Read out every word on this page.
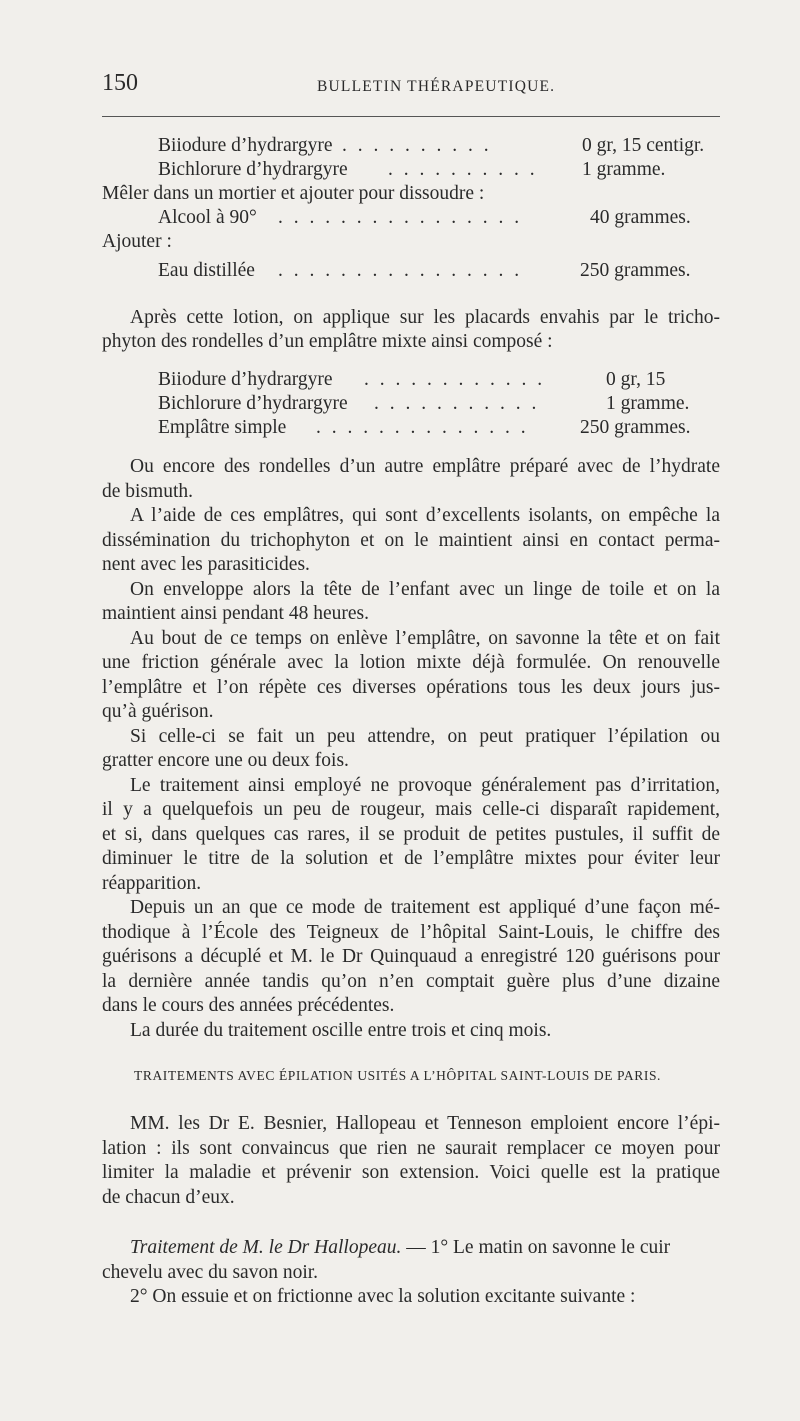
150	BULLETIN THÉRAPEUTIQUE.
Biiodure d’hydrargyre . . . . . . . . . .	0 gr, 15 centigr.
Bichlorure d’hydrargyre . . . . . . . . . . 1 gramme.
Mêler dans un mortier et ajouter pour dissoudre :
Alcool à 90° . . . . . . . . . . . . . . . .	40 grammes.
Ajouter :
Eau distillée . . . . . . . . . . . . . . . .	250 grammes.
Après cette lotion, on applique sur les placards envahis par le tricho-
phyton des rondelles d’un emplâtre mixte ainsi composé :
Biiodure d’hydrargyre . . . . . . . . . . . .	0 gr, 15
Bichlorure d’hydrargyre . . . . . . . . . . .	1 gramme.
Emplâtre simple . . . . . . . . . . . . . .	250 grammes.
Ou encore des rondelles d’un autre emplâtre préparé avec de l’hydrate
de bismuth.
A l’aide de ces emplâtres, qui sont d’excellents isolants, on empêche la
dissémination du trichophyton et on le maintient ainsi en contact perma-
nent avec les parasiticides.
On enveloppe alors la tête de l’enfant avec un linge de toile et on la
maintient ainsi pendant 48 heures.
Au bout de ce temps on enlève l’emplâtre, on savonne la tête et on fait
une friction générale avec la lotion mixte déjà formulée. On renouvelle
l’emplâtre et l’on répète ces diverses opérations tous les deux jours jus-
qu’à guérison.
Si celle-ci se fait un peu attendre, on peut pratiquer l’épilation ou
gratter encore une ou deux fois.
Le traitement ainsi employé ne provoque généralement pas d’irritation,
il y a quelquefois un peu de rougeur, mais celle-ci disparaît rapidement,
et si, dans quelques cas rares, il se produit de petites pustules, il suffit de
diminuer le titre de la solution et de l’emplâtre mixtes pour éviter leur
réapparition.
Depuis un an que ce mode de traitement est appliqué d’une façon mé-
thodique à l’École des Teigneux de l’hôpital Saint-Louis, le chiffre des
guérisons a décuplé et M. le Dr Quinquaud a enregistré 120 guérisons pour
la dernière année tandis qu’on n’en comptait guère plus d’une dizaine
dans le cours des années précédentes.
La durée du traitement oscille entre trois et cinq mois.
TRAITEMENTS AVEC ÉPILATION USITÉS A L’HÔPITAL SAINT-LOUIS DE PARIS.
MM. les Dr E. Besnier, Hallopeau et Tenneson emploient encore l’épi-
lation : ils sont convaincus que rien ne saurait remplacer ce moyen pour
limiter la maladie et prévenir son extension. Voici quelle est la pratique
de chacun d’eux.
Traitement de M. le Dr Hallopeau. — 1° Le matin on savonne le cuir
chevelu avec du savon noir.
2° On essuie et on frictionne avec la solution excitante suivante :
